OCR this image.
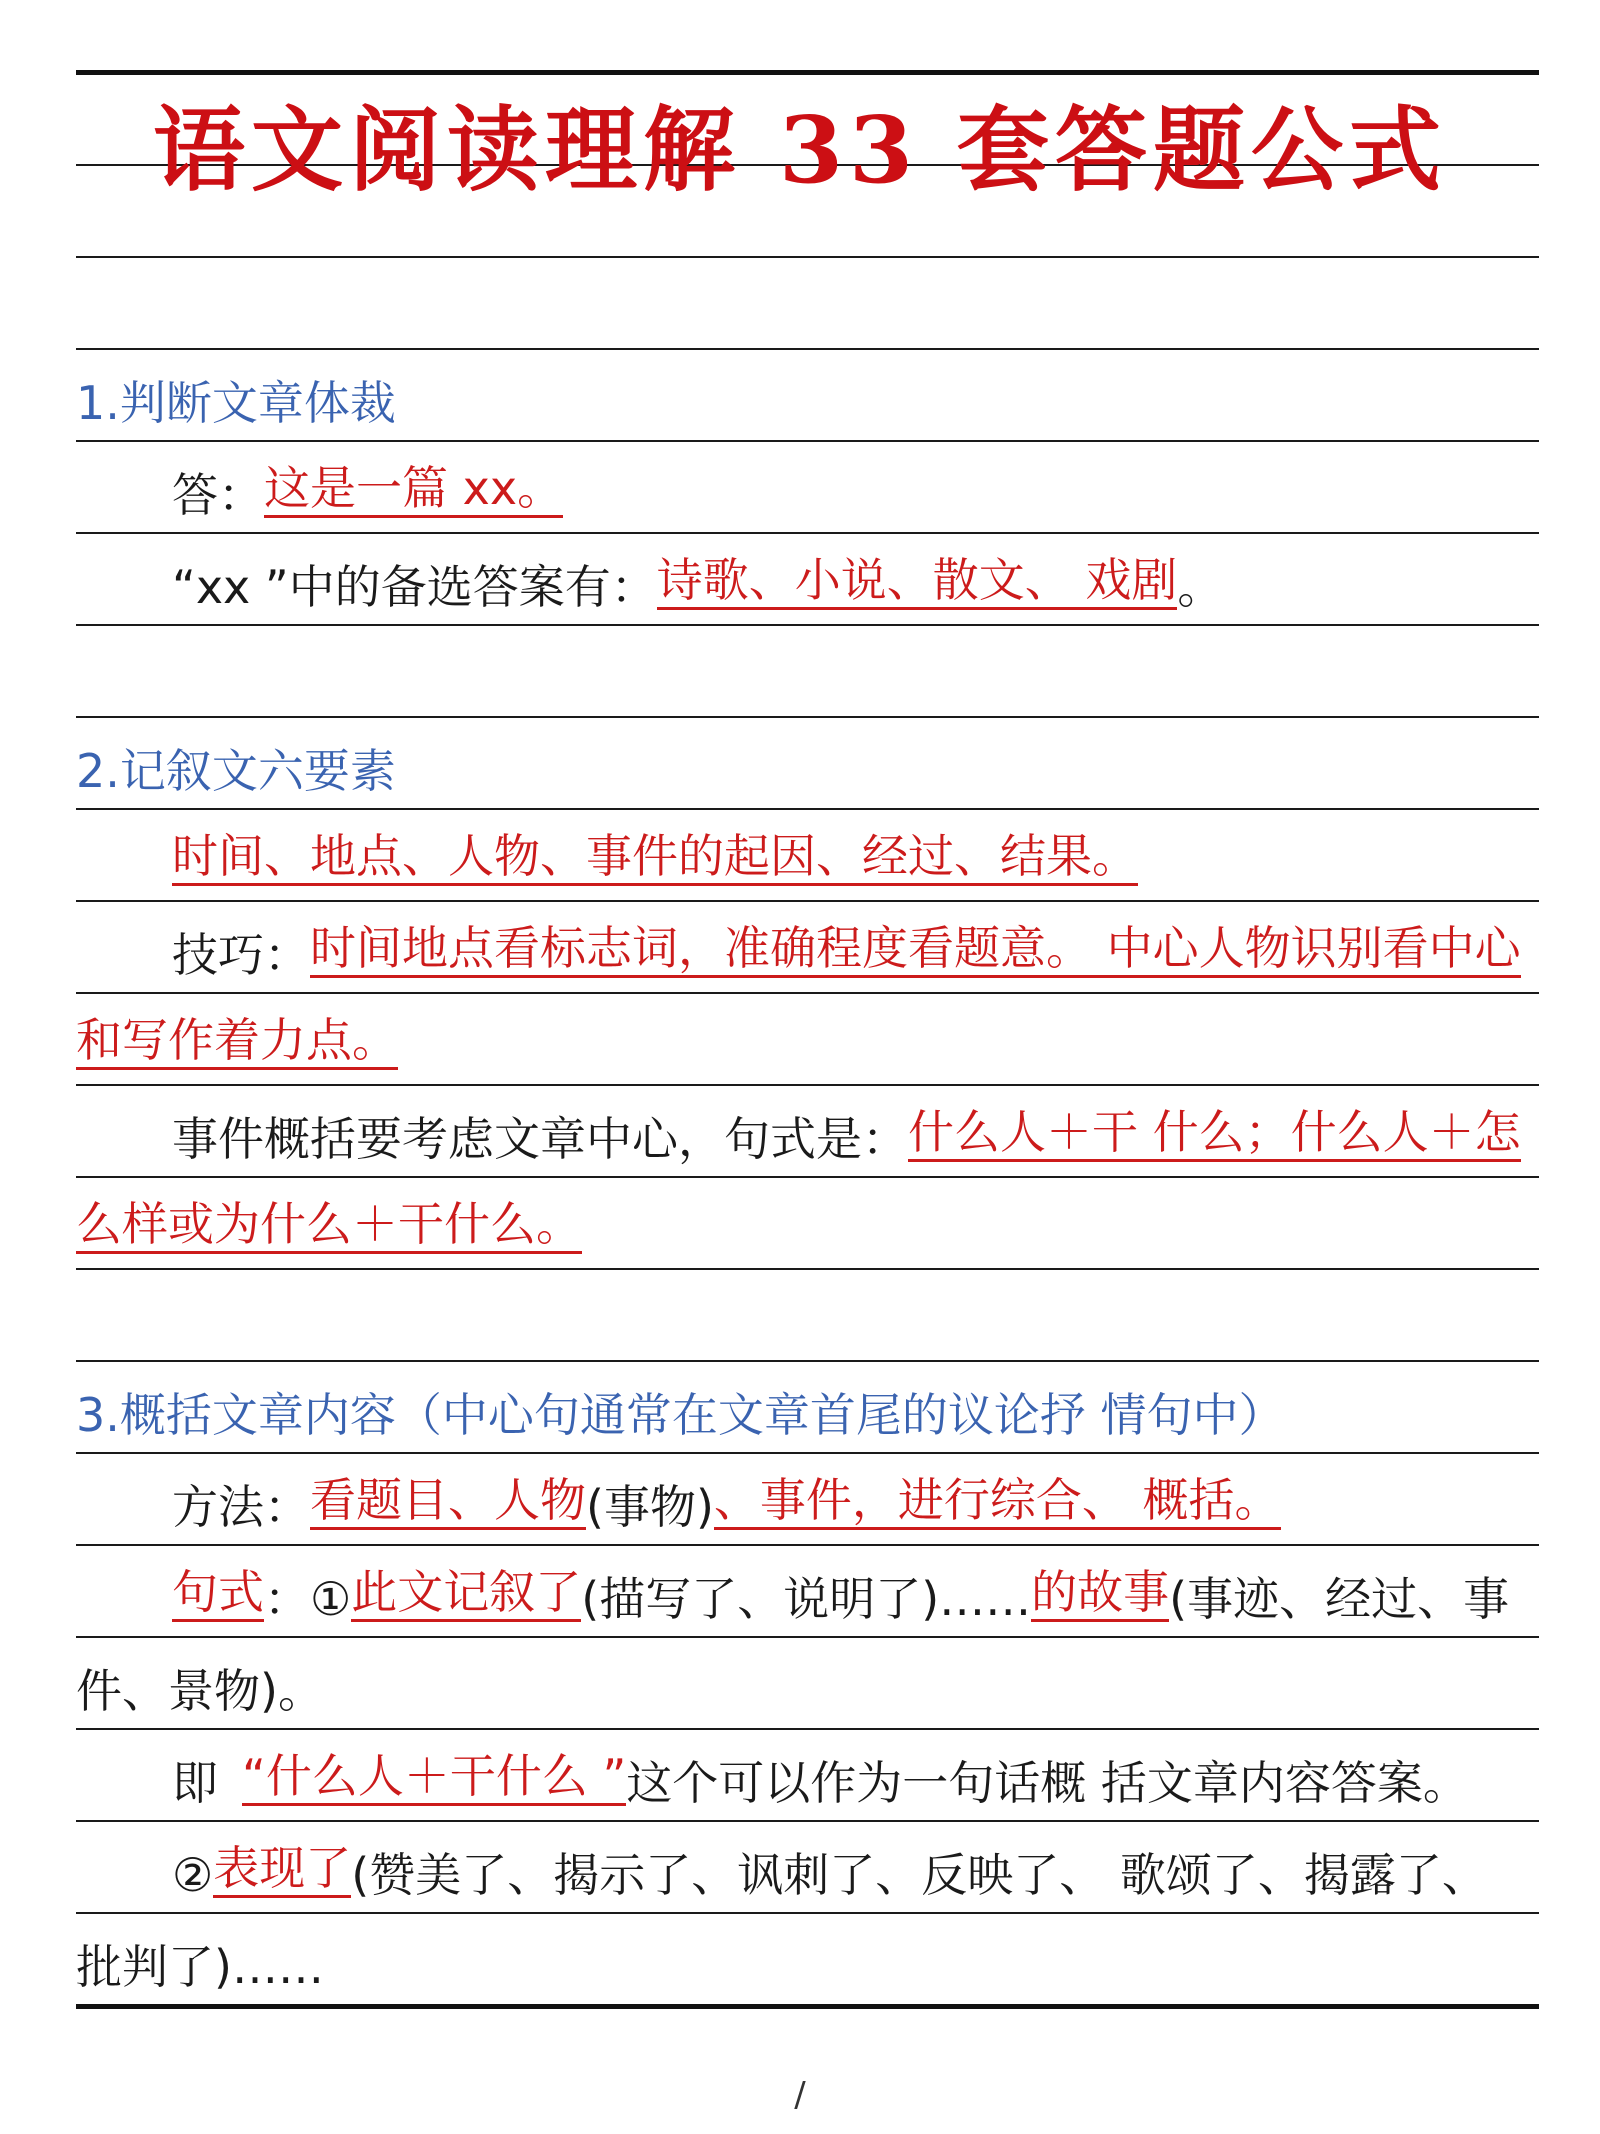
语文阅读理解 33 套答题公式
1.判断文章体裁
答： 这是一篇 xx。
“xx ”中的备选答案有： 诗歌、小说、散文、 戏剧 。
2.记叙文六要素
时间、地点、人物、事件的起因、经过、结果。
技巧： 时间地点看标志词，准确程度看题意。 中心人物识别看中心
和写作着力点。
事件概括要考虑文章中心，句式是： 什么人＋干 什么；什么人＋怎
么样或为什么＋干什么。
3.概括文章内容（中心句通常在文章首尾的议论抒 情句中）
方法： 看题目、人物 (事物) 、事件，进行综合、 概括。
句式 ： ① 此文记叙了 (描写了、说明了)…… 的故事 (事迹、经过、事
件、景物)。
即 “什么人＋干什么 ” 这个可以作为一句话概 括文章内容答案。
② 表现了 (赞美了、揭示了、讽刺了、反映了、 歌颂了、揭露了、
批判了)……
/
